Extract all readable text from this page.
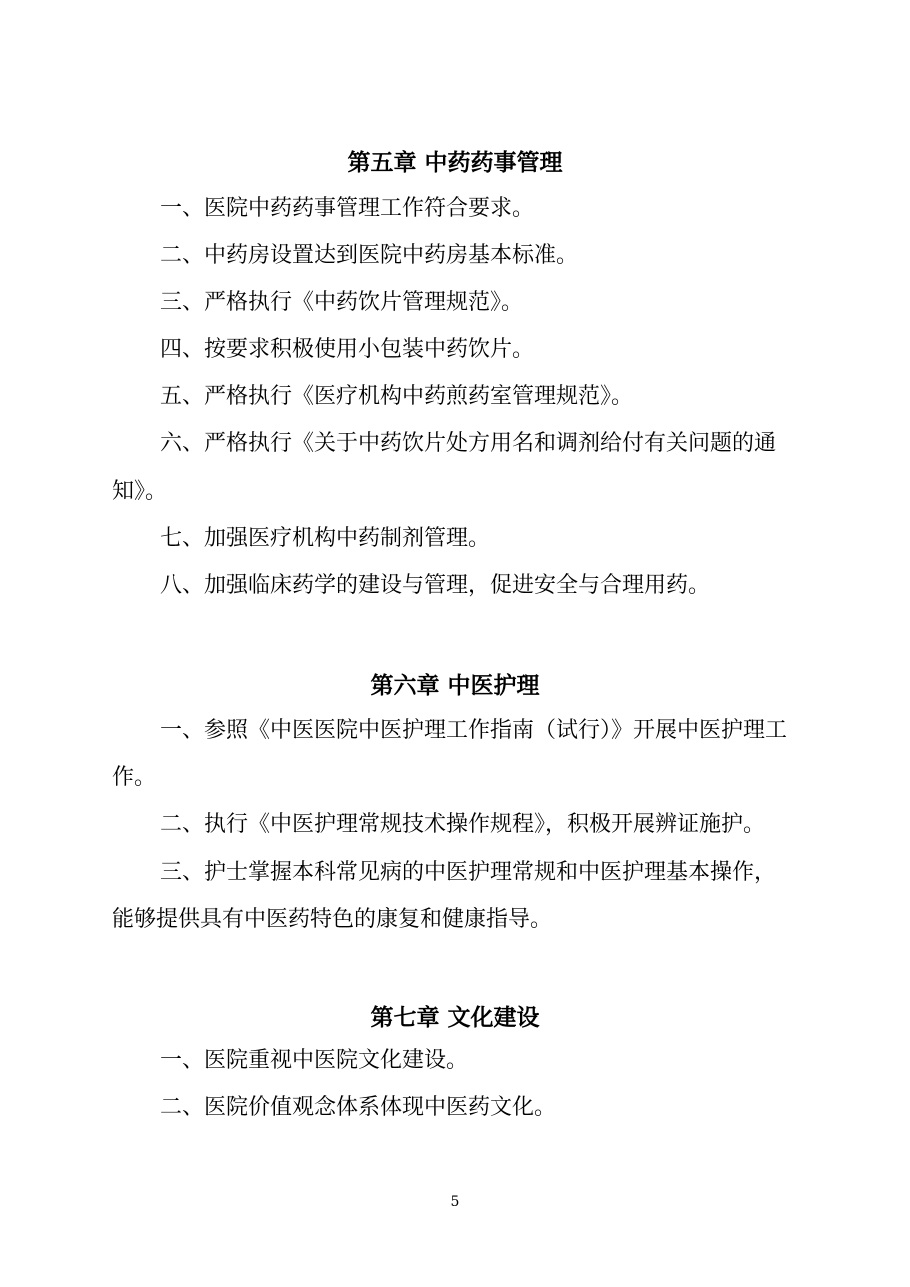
第五章 中药药事管理
一、医院中药药事管理工作符合要求。
二、中药房设置达到医院中药房基本标准。
三、严格执行《中药饮片管理规范》。
四、按要求积极使用小包装中药饮片。
五、严格执行《医疗机构中药煎药室管理规范》。
六、严格执行《关于中药饮片处方用名和调剂给付有关问题的通
知》。
七、加强医疗机构中药制剂管理。
八、加强临床药学的建设与管理，促进安全与合理用药。
第六章 中医护理
一、参照《中医医院中医护理工作指南（试行）》开展中医护理工
作。
二、执行《中医护理常规技术操作规程》，积极开展辨证施护。
三、护士掌握本科常见病的中医护理常规和中医护理基本操作，
能够提供具有中医药特色的康复和健康指导。
第七章 文化建设
一、医院重视中医院文化建设。
二、医院价值观念体系体现中医药文化。
5
